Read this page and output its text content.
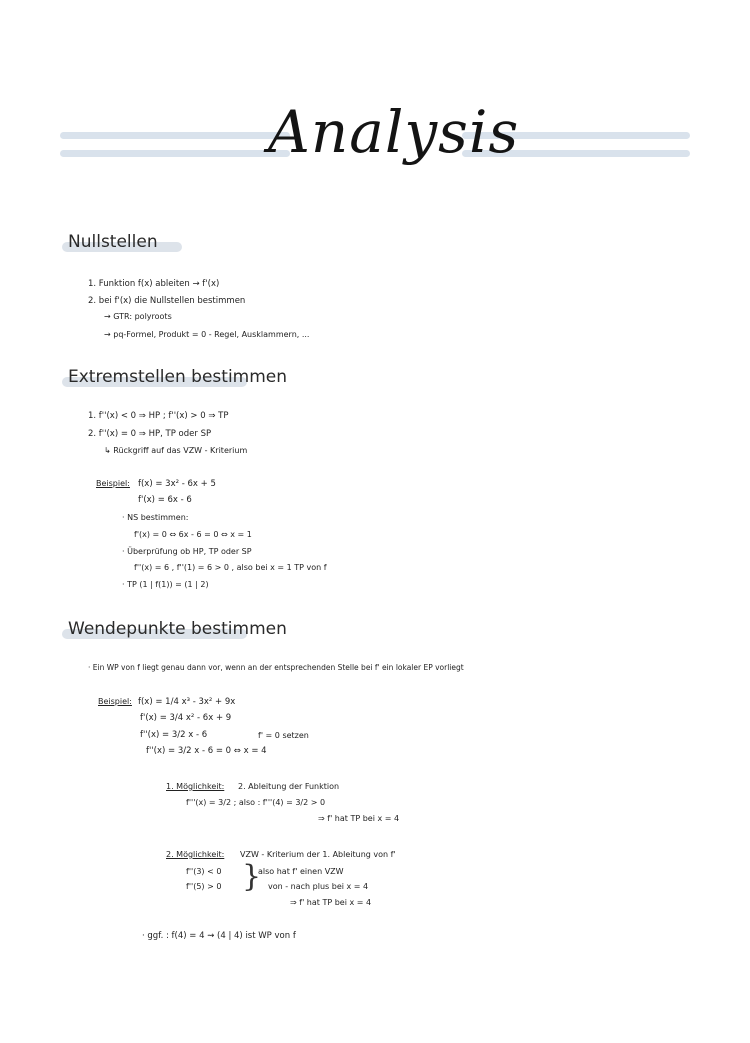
Analysis
Nullstellen
1. Funktion f(x) ableiten → f'(x)
2. bei f'(x) die Nullstellen bestimmen
→ GTR: polyroots
→ pq-Formel, Produkt = 0 - Regel, Ausklammern, ...
Extremstellen bestimmen
1. f''(x) < 0 ⇒ HP ; f''(x) > 0 ⇒ TP
2. f''(x) = 0 ⇒ HP, TP oder SP
↳ Rückgriff auf das VZW - Kriterium
Beispiel: f(x) = 3x² - 6x + 5
f'(x) = 6x - 6
· NS bestimmen:
f'(x) = 0 ⇔ 6x - 6 = 0 ⇔ x = 1
· Überprüfung ob HP, TP oder SP
f''(x) = 6 , f''(1) = 6 > 0 , also bei x = 1 TP von f
· TP (1 | f(1)) = (1 | 2)
Wendepunkte bestimmen
· Ein WP von f liegt genau dann vor, wenn an der entsprechenden Stelle bei f' ein lokaler EP vorliegt
Beispiel: f(x) = 1/4 x³ - 3x² + 9x
f'(x) = 3/4 x² - 6x + 9
f''(x) = 3/2 x - 6	f' = 0 setzen
f''(x) = 3/2 x - 6 = 0 ⇔ x = 4
1. Möglichkeit: 2. Ableitung der Funktion
f'''(x) = 3/2 ; also : f'''(4) = 3/2 > 0
⇒ f' hat TP bei x = 4
2. Möglichkeit: VZW - Kriterium der 1. Ableitung von f'
f''(3) < 0
f''(5) > 0 }
also hat f' einen VZW
von - nach plus bei x = 4
⇒ f' hat TP bei x = 4
· ggf. : f(4) = 4 ⇝ (4 | 4) ist WP von f
